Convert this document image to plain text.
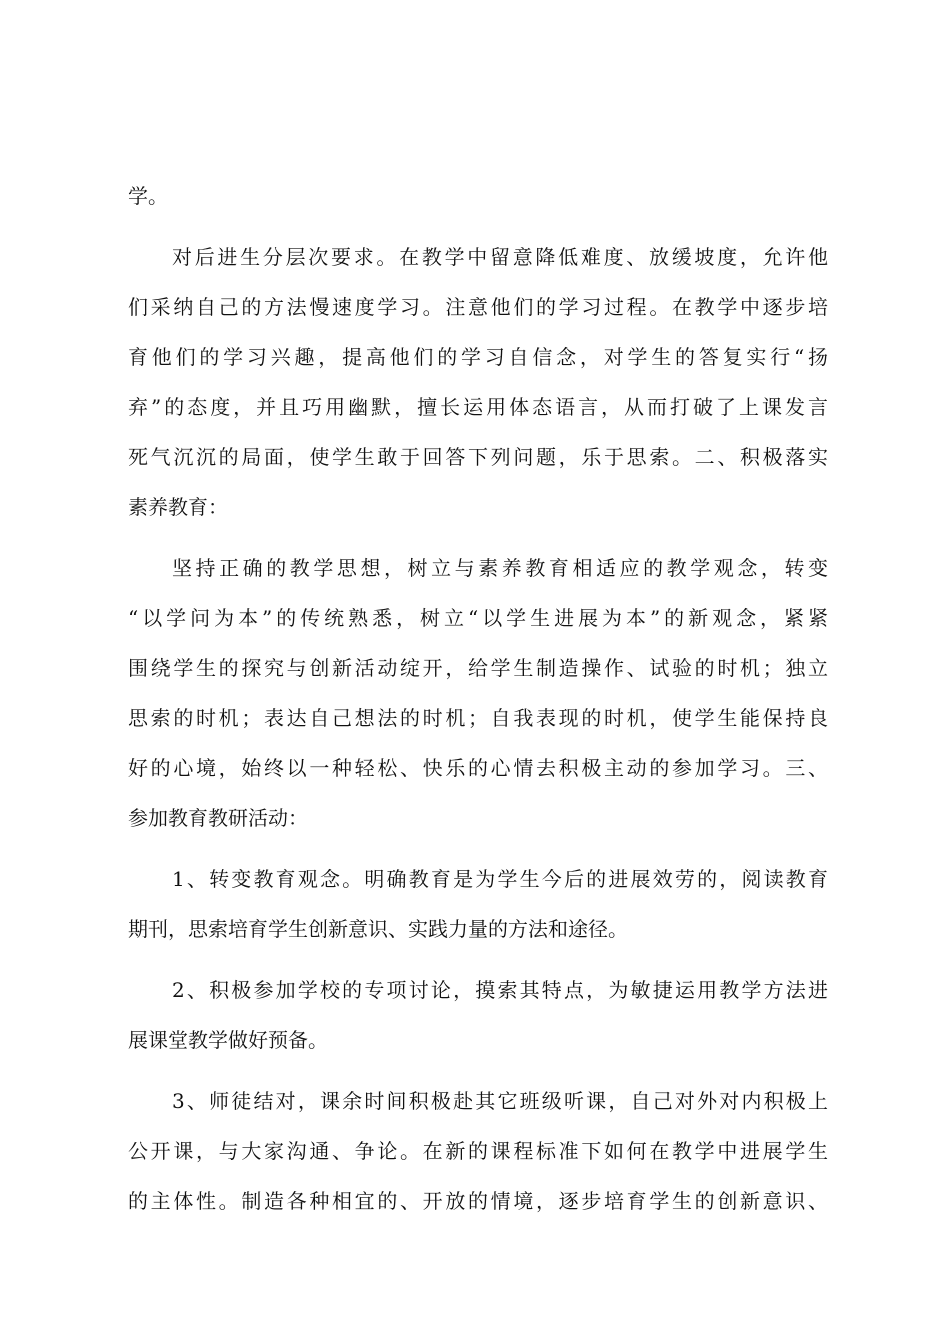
学。
对后进生分层次要求。在教学中留意降低难度、放缓坡度，允许他
们采纳自己的方法慢速度学习。注意他们的学习过程。在教学中逐步培
育他们的学习兴趣，提高他们的学习自信念，对学生的答复实行“扬
弃”的态度，并且巧用幽默，擅长运用体态语言，从而打破了上课发言
死气沉沉的局面，使学生敢于回答下列问题，乐于思索。二、积极落实
素养教育：
坚持正确的教学思想，树立与素养教育相适应的教学观念，转变
“以学问为本”的传统熟悉，树立“以学生进展为本”的新观念，紧紧
围绕学生的探究与创新活动绽开，给学生制造操作、试验的时机；独立
思索的时机；表达自己想法的时机；自我表现的时机，使学生能保持良
好的心境，始终以一种轻松、快乐的心情去积极主动的参加学习。三、
参加教育教研活动：
1、转变教育观念。明确教育是为学生今后的进展效劳的，阅读教育
期刊，思索培育学生创新意识、实践力量的方法和途径。
2、积极参加学校的专项讨论，摸索其特点，为敏捷运用教学方法进
展课堂教学做好预备。
3、师徒结对，课余时间积极赴其它班级听课，自己对外对内积极上
公开课，与大家沟通、争论。在新的课程标准下如何在教学中进展学生
的主体性。制造各种相宜的、开放的情境，逐步培育学生的创新意识、
